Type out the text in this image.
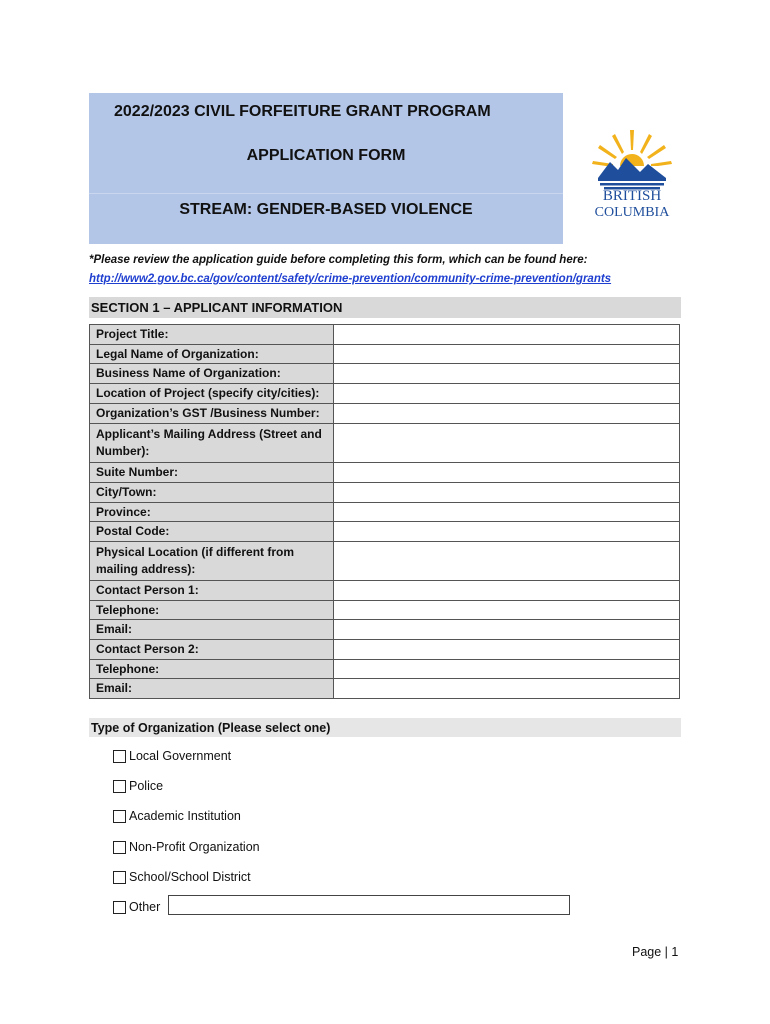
2022/2023 CIVIL FORFEITURE GRANT PROGRAM
APPLICATION FORM
STREAM: GENDER-BASED VIOLENCE
BRITISH
COLUMBIA
*Please review the application guide before completing this form, which can be found here:
http://www2.gov.bc.ca/gov/content/safety/crime-prevention/community-crime-prevention/grants
SECTION 1 – APPLICANT INFORMATION
Project Title:	
Legal Name of Organization:	
Business Name of Organization:	
Location of Project (specify city/cities):	
Organization’s GST /Business Number:	
Applicant’s Mailing Address (Street and Number):	
Suite Number:	
City/Town:	
Province:	
Postal Code:	
Physical Location (if different from mailing address):	
Contact Person 1:	
Telephone:	
Email:	
Contact Person 2:	
Telephone:	
Email:	
Type of Organization (Please select one)
Local Government
Police
Academic Institution
Non-Profit Organization
School/School District
Other
Page | 1
